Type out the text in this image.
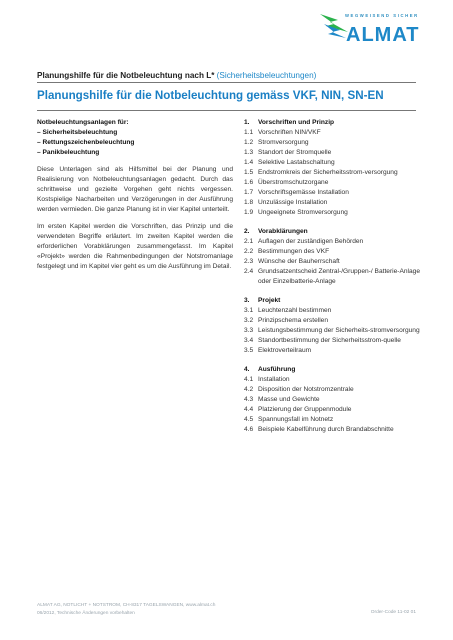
WEGWEISEND SICHER
ALMAT
Planungshilfe für die Notbeleuchtung nach L* (Sicherheitsbeleuchtungen)
Planungshilfe für die Notbeleuchtung gemäss VKF, NIN, SN-EN
Notbeleuchtungsanlagen für:
– Sicherheitsbeleuchtung
– Rettungszeichenbeleuchtung
– Panikbeleuchtung

Diese Unterlagen sind als Hilfsmittel bei der Planung und Realisierung von Notbeleuchtungsanlagen gedacht. Durch das schrittweise und gezielte Vorgehen geht nichts vergessen. Kostspielige Nacharbeiten und Verzögerungen in der Ausführung werden vermieden. Die ganze Planung ist in vier Kapitel unterteilt.

Im ersten Kapitel werden die Vorschriften, das Prinzip und die verwendeten Begriffe erläutert. Im zweiten Kapitel werden die erforderlichen Vorabklärungen zusammengefasst. Im Kapitel «Projekt» werden die Rahmenbedingungen der Notstromanlage festgelegt und im Kapitel vier geht es um die Ausführung im Detail.

1.	Vorschriften und Prinzip
1.1 Vorschriften NIN/VKF
1.2 Stromversorgung
1.3 Standort der Stromquelle
1.4 Selektive Lastabschaltung
1.5 Endstromkreis der Sicherheitsstrom-versorgung
1.6 Überstromschutzorgane
1.7 Vorschriftsgemässe Installation
1.8 Unzulässige Installation
1.9 Ungeeignete Stromversorgung
2.	Vorabklärungen
2.1 Auflagen der zuständigen Behörden
2.2 Bestimmungen des VKF
2.3 Wünsche der Bauherrschaft
2.4 Grundsatzentscheid Zentral-/Gruppen-/ Batterie-Anlage oder Einzelbatterie-Anlage
3.	Projekt
3.1 Leuchtenzahl bestimmen
3.2 Prinzipschema erstellen
3.3 Leistungsbestimmung der Sicherheits-stromversorgung
3.4 Standortbestimmung der Sicherheitsstrom-quelle
3.5 Elektroverteilraum
4.	Ausführung
4.1 Installation
4.2 Disposition der Notstromzentrale
4.3 Masse und Gewichte
4.4 Platzierung der Gruppenmodule
4.5 Spannungsfall im Notnetz
4.6 Beispiele Kabelführung durch Brandabschnitte
ALMAT AG, NOTLICHT + NOTSTROM, CH-8317 TAGELSWANGEN, www.almat.ch
06/2012, Technische Änderungen vorbehalten	Order-Code 11-02 01
